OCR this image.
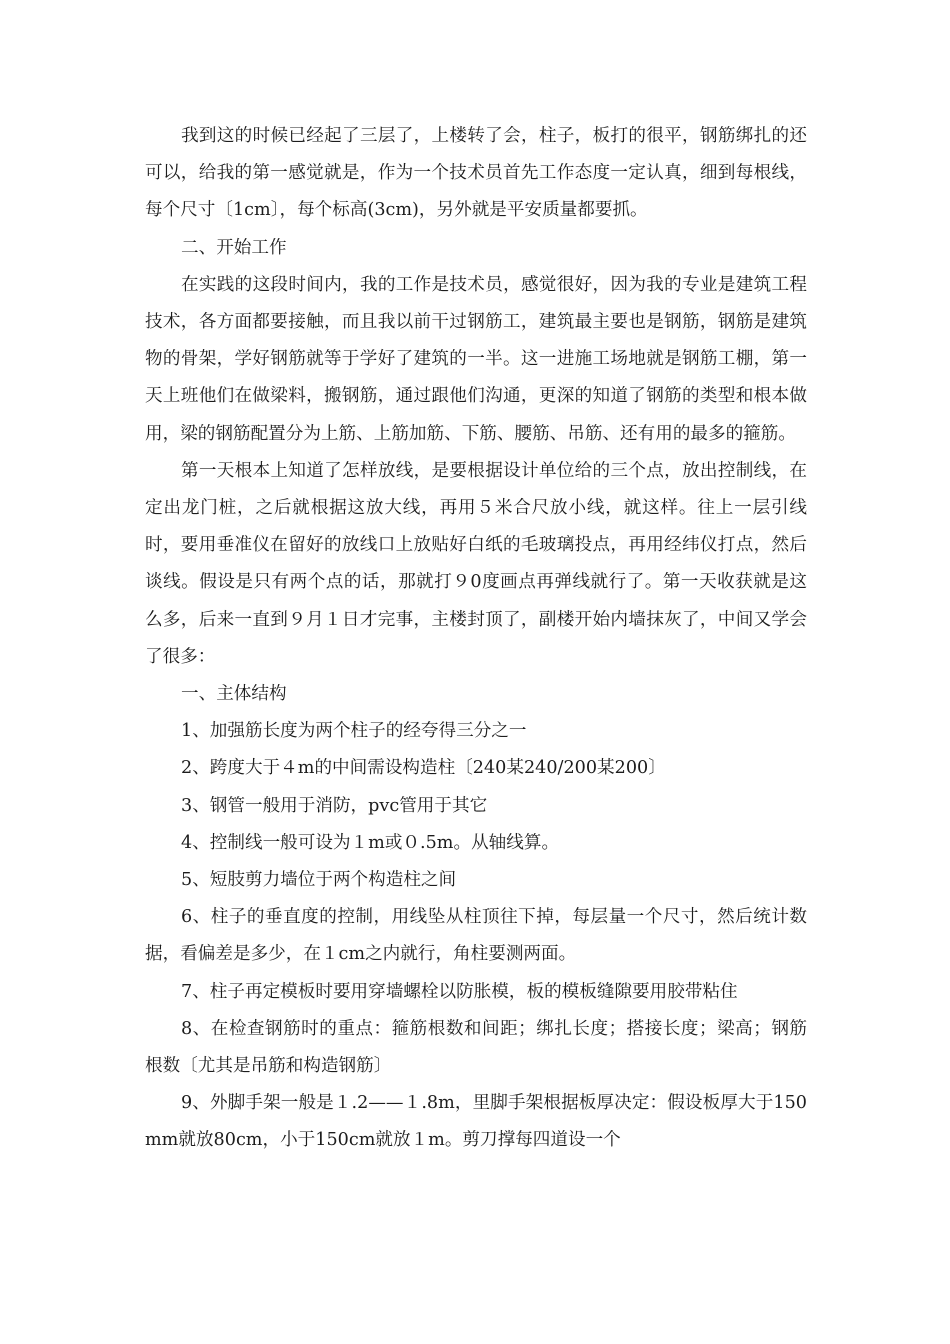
我到这的时候已经起了三层了，上楼转了会，柱子，板打的很平，钢筋绑扎的还可以，给我的第一感觉就是，作为一个技术员首先工作态度一定认真，细到每根线，每个尺寸〔1cm〕，每个标高(3cm)，另外就是平安质量都要抓。

二、开始工作

在实践的这段时间内，我的工作是技术员，感觉很好，因为我的专业是建筑工程技术，各方面都要接触，而且我以前干过钢筋工，建筑最主要也是钢筋，钢筋是建筑物的骨架，学好钢筋就等于学好了建筑的一半。这一进施工场地就是钢筋工棚，第一天上班他们在做梁料，搬钢筋，通过跟他们沟通，更深的知道了钢筋的类型和根本做用，梁的钢筋配置分为上筋、上筋加筋、下筋、腰筋、吊筋、还有用的最多的箍筋。

第一天根本上知道了怎样放线，是要根据设计单位给的三个点，放出控制线，在定出龙门桩，之后就根据这放大线，再用５米合尺放小线，就这样。往上一层引线时，要用垂准仪在留好的放线口上放贴好白纸的毛玻璃投点，再用经纬仪打点，然后谈线。假设是只有两个点的话，那就打９0度画点再弹线就行了。第一天收获就是这么多，后来一直到９月１日才完事，主楼封顶了，副楼开始内墙抹灰了，中间又学会了很多：

一、主体结构

1、加强筋长度为两个柱子的经夸得三分之一

2、跨度大于４m的中间需设构造柱〔240某240/200某200〕

3、钢管一般用于消防，pvc管用于其它

4、控制线一般可设为１m或０.5m。从轴线算。

5、短肢剪力墙位于两个构造柱之间

6、柱子的垂直度的控制，用线坠从柱顶往下掉，每层量一个尺寸，然后统计数据，看偏差是多少，在１cm之内就行，角柱要测两面。

7、柱子再定模板时要用穿墙螺栓以防胀模，板的模板缝隙要用胶带粘住

8、在检查钢筋时的重点：箍筋根数和间距；绑扎长度；搭接长度；梁高；钢筋根数〔尤其是吊筋和构造钢筋〕

9、外脚手架一般是１.2——１.8m，里脚手架根据板厚决定：假设板厚大于150mm就放80cm，小于150cm就放１m。剪刀撑每四道设一个
